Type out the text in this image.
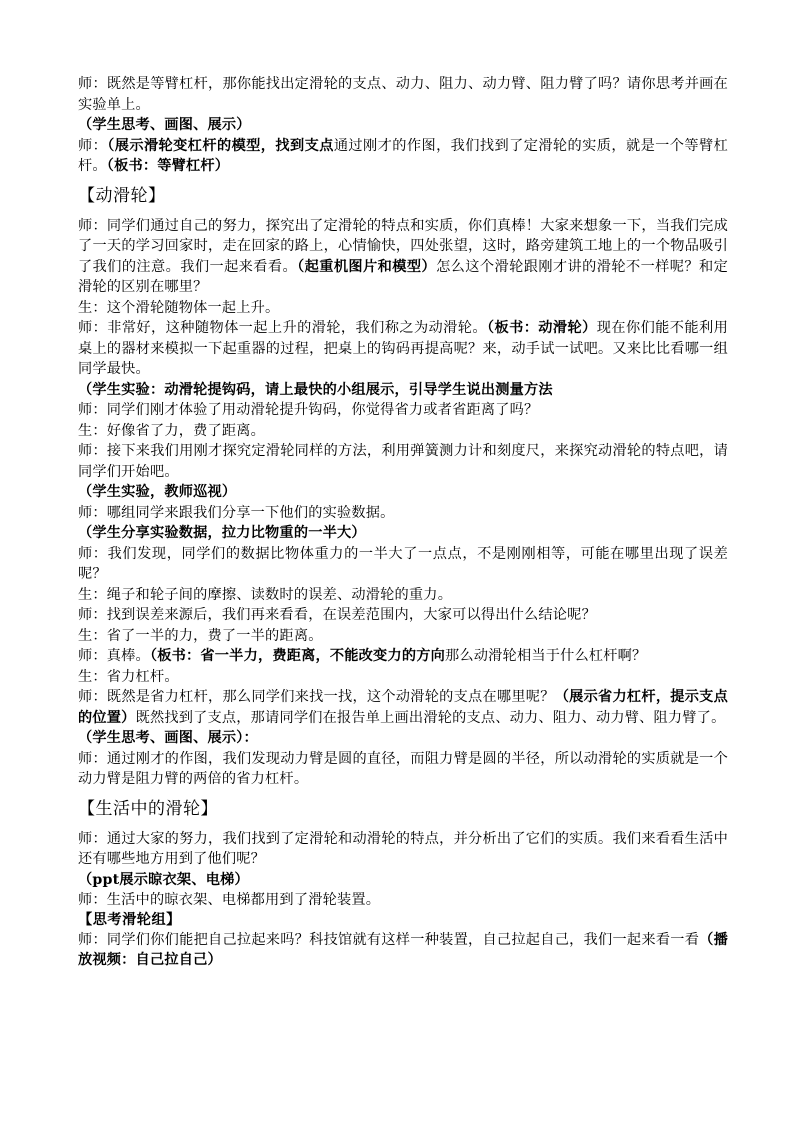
师：既然是等臂杠杆，那你能找出定滑轮的支点、动力、阻力、动力臂、阻力臂了吗？请你思考并画在实验单上。

（学生思考、画图、展示）

师：（展示滑轮变杠杆的模型，找到支点通过刚才的作图，我们找到了定滑轮的实质，就是一个等臂杠杆。（板书：等臂杠杆）

【动滑轮】

师：同学们通过自己的努力，探究出了定滑轮的特点和实质，你们真棒！大家来想象一下，当我们完成了一天的学习回家时，走在回家的路上，心情愉快，四处张望，这时，路旁建筑工地上的一个物品吸引了我们的注意。我们一起来看看。（起重机图片和模型）怎么这个滑轮跟刚才讲的滑轮不一样呢？和定滑轮的区别在哪里？

生：这个滑轮随物体一起上升。

师：非常好，这种随物体一起上升的滑轮，我们称之为动滑轮。（板书：动滑轮）现在你们能不能利用桌上的器材来模拟一下起重器的过程，把桌上的钩码再提高呢？来，动手试一试吧。又来比比看哪一组同学最快。

（学生实验：动滑轮提钩码，请上最快的小组展示，引导学生说出测量方法

师：同学们刚才体验了用动滑轮提升钩码，你觉得省力或者省距离了吗？

生：好像省了力，费了距离。

师：接下来我们用刚才探究定滑轮同样的方法，利用弹簧测力计和刻度尺，来探究动滑轮的特点吧，请同学们开始吧。

（学生实验，教师巡视）

师：哪组同学来跟我们分享一下他们的实验数据。

（学生分享实验数据，拉力比物重的一半大）

师：我们发现，同学们的数据比物体重力的一半大了一点点，不是刚刚相等，可能在哪里出现了误差呢？

生：绳子和轮子间的摩擦、读数时的误差、动滑轮的重力。

师：找到误差来源后，我们再来看看，在误差范围内，大家可以得出什么结论呢？

生：省了一半的力，费了一半的距离。

师：真棒。（板书：省一半力，费距离，不能改变力的方向那么动滑轮相当于什么杠杆啊？

生：省力杠杆。

师：既然是省力杠杆，那么同学们来找一找，这个动滑轮的支点在哪里呢？（展示省力杠杆，提示支点的位置）既然找到了支点，那请同学们在报告单上画出滑轮的支点、动力、阻力、动力臂、阻力臂了。

（学生思考、画图、展示）：

师：通过刚才的作图，我们发现动力臂是圆的直径，而阻力臂是圆的半径，所以动滑轮的实质就是一个动力臂是阻力臂的两倍的省力杠杆。

【生活中的滑轮】

师：通过大家的努力，我们找到了定滑轮和动滑轮的特点，并分析出了它们的实质。我们来看看生活中还有哪些地方用到了他们呢？

（ppt展示晾衣架、电梯）

师：生活中的晾衣架、电梯都用到了滑轮装置。

【思考滑轮组】

师：同学们你们能把自己拉起来吗？科技馆就有这样一种装置，自己拉起自己，我们一起来看一看（播放视频：自己拉自己）
